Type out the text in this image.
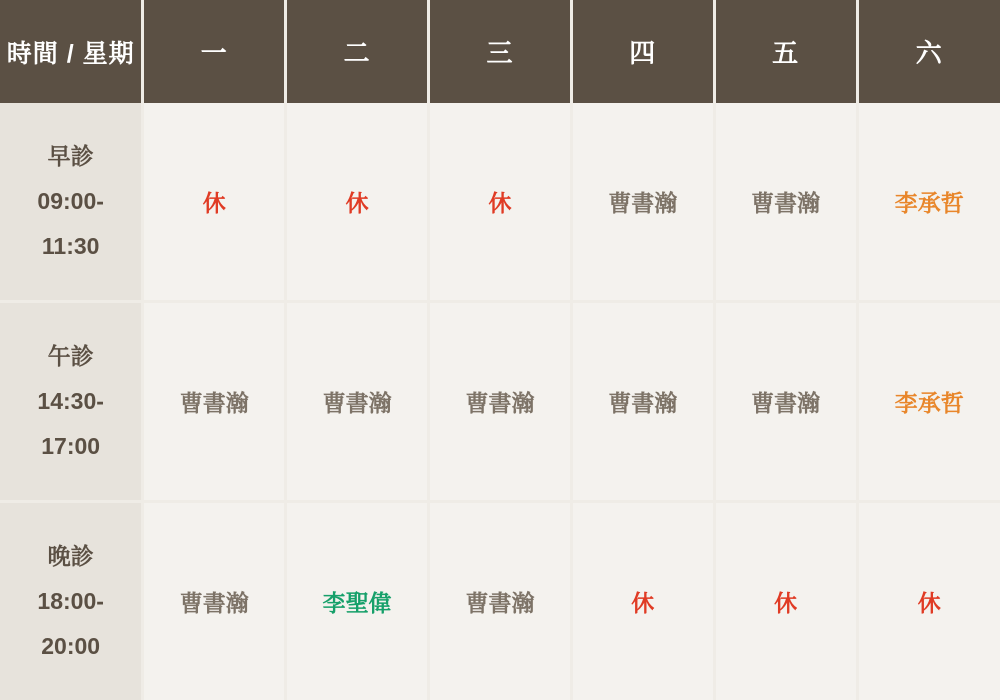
時間 / 星期	一	二	三	四	五	六

早診
09:00-
11:30	休	休	休	曹書瀚	曹書瀚	李承哲

午診
14:30-
17:00	曹書瀚	曹書瀚	曹書瀚	曹書瀚	曹書瀚	李承哲

晚診
18:00-
20:00	曹書瀚	李聖偉	曹書瀚	休	休	休
